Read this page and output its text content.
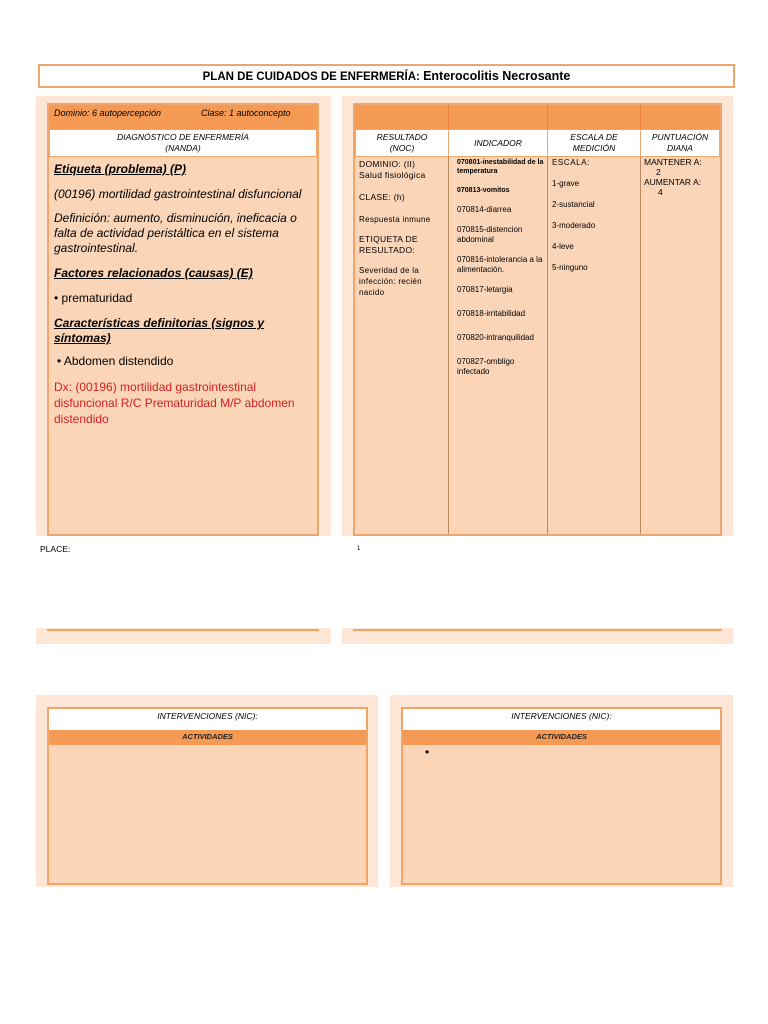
PLAN DE CUIDADOS DE ENFERMERÍA: Enterocolitis Necrosante
Dominio: 6 autopercepción	Clase: 1 autoconcepto
DIAGNÓSTICO DE ENFERMERÍA
(NANDA)

Etiqueta (problema) (P)

(00196) mortilidad gastrointestinal disfuncional

Definición: aumento, disminución, ineficacia o falta de actividad peristáltica en el sistema gastrointestinal.

Factores relacionados (causas) (E)

• prematuridad

Características definitorias (signos y síntomas)

• Abdomen distendido

Dx: (00196) mortilidad gastrointestinal disfuncional R/C Prematuridad M/P abdomen distendido

RESULTADO
(NOC)
INDICADOR
ESCALA DE
MEDICIÓN
PUNTUACIÓN
DIANA
DOMINIO: (II)
Salud fisiológica
CLASE: (h)
Respuesta inmune
ETIQUETA DE
RESULTADO:
Severidad de la infección: recién nacido
070801-inestabilidad de la temperatura
070813-vomitos
070814-diarrea
070815-distencion abdominal
070816-intolerancia a la alimentación.
070817-letargia
070818-irritabilidad
070820-intranquilidad
070827-ombligo infectado
ESCALA:
1-grave
2-sustancial
3-moderado
4-leve
5-ninguno
MANTENER A:
2
AUMENTAR A:
4
PLACE:	1
INTERVENCIONES (NIC):
ACTIVIDADES
INTERVENCIONES (NIC):
ACTIVIDADES
•
